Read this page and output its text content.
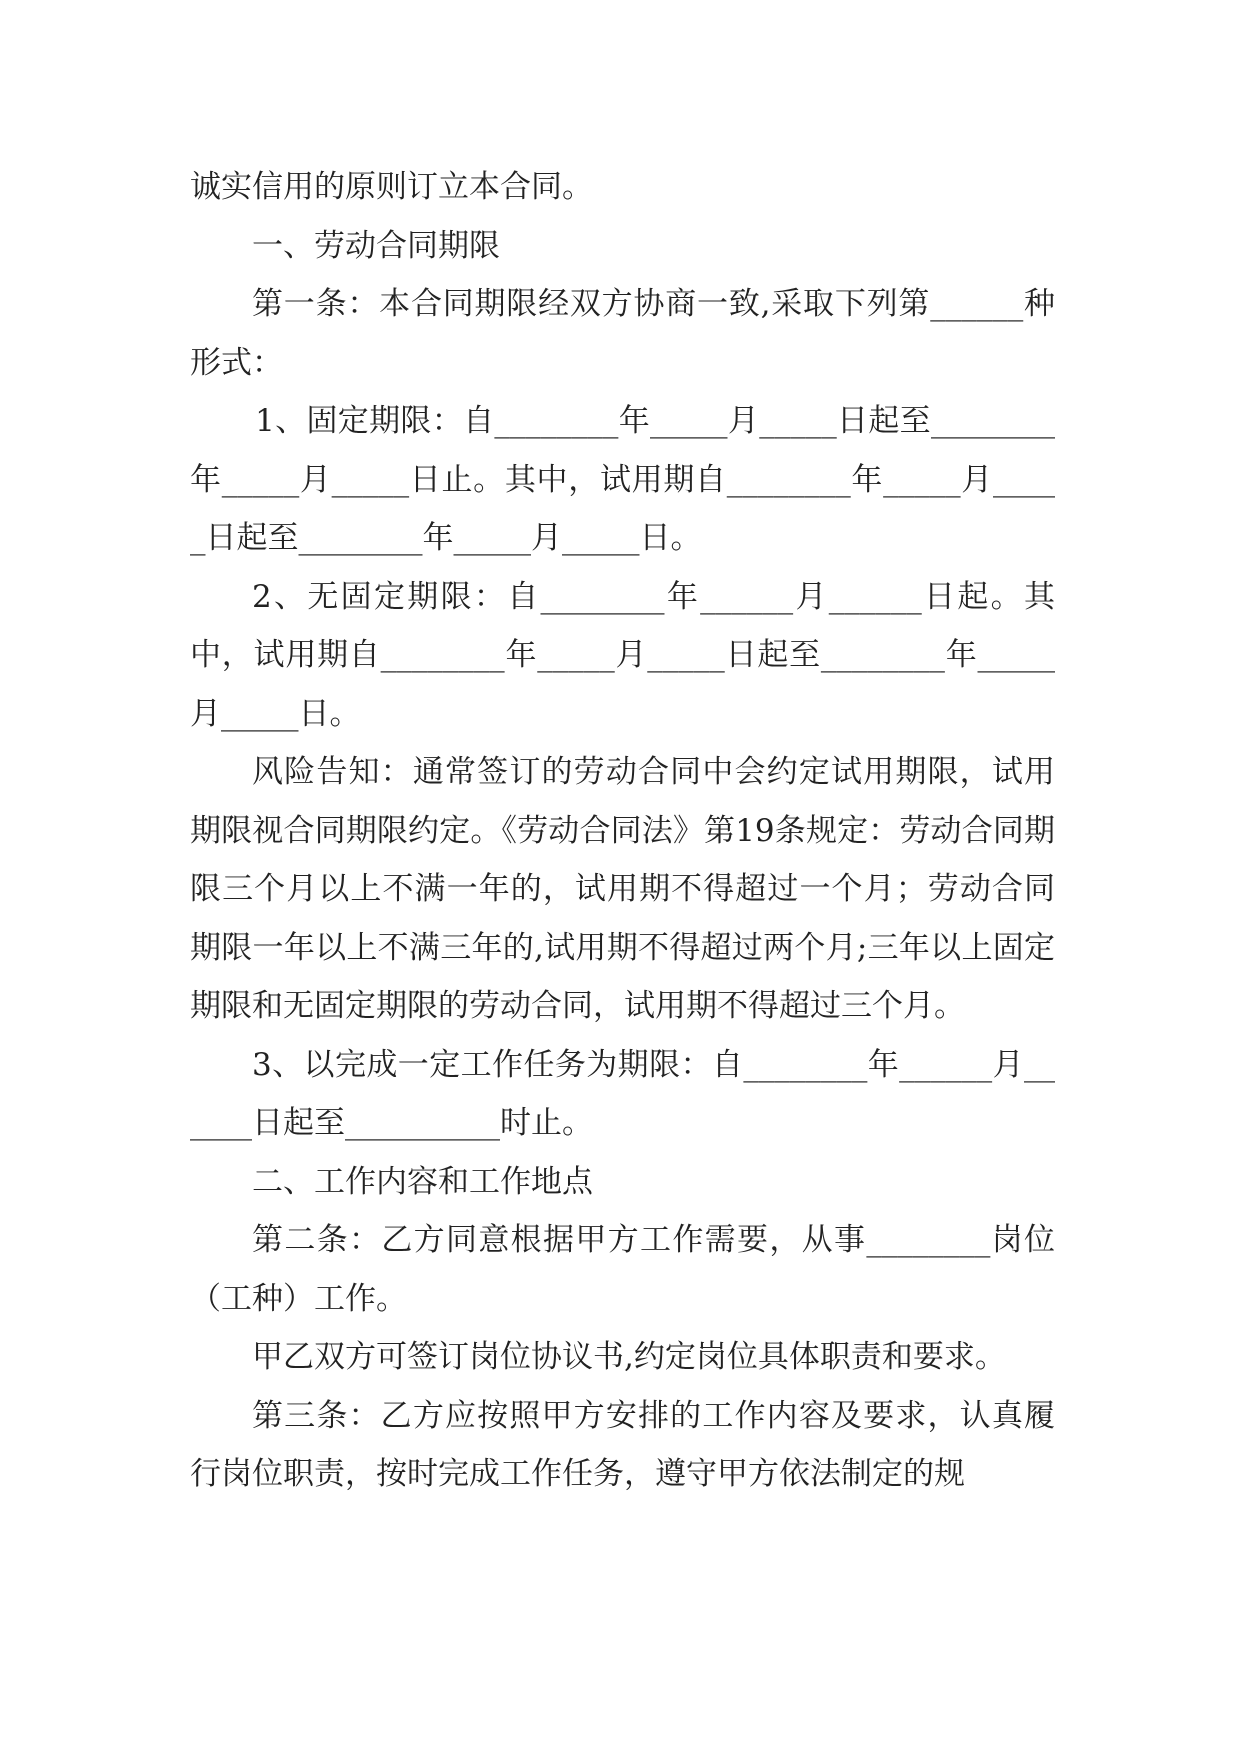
诚实信用的原则订立本合同。

一、劳动合同期限

第一条：本合同期限经双方协商一致,采取下列第______种形式：

1、固定期限：自________年_____月_____日起至________年_____月_____日止。其中，试用期自________年_____月_____日起至________年_____月_____日。

2、无固定期限：自________年______月______日起。其中，试用期自________年_____月_____日起至________年_____月_____日。

风险告知：通常签订的劳动合同中会约定试用期限，试用期限视合同期限约定。《劳动合同法》第19条规定：劳动合同期限三个月以上不满一年的，试用期不得超过一个月；劳动合同期限一年以上不满三年的,试用期不得超过两个月;三年以上固定期限和无固定期限的劳动合同，试用期不得超过三个月。

3、以完成一定工作任务为期限：自________年______月______日起至__________时止。

二、工作内容和工作地点

第二条：乙方同意根据甲方工作需要，从事________岗位（工种）工作。

甲乙双方可签订岗位协议书,约定岗位具体职责和要求。

第三条：乙方应按照甲方安排的工作内容及要求，认真履行岗位职责，按时完成工作任务，遵守甲方依法制定的规
